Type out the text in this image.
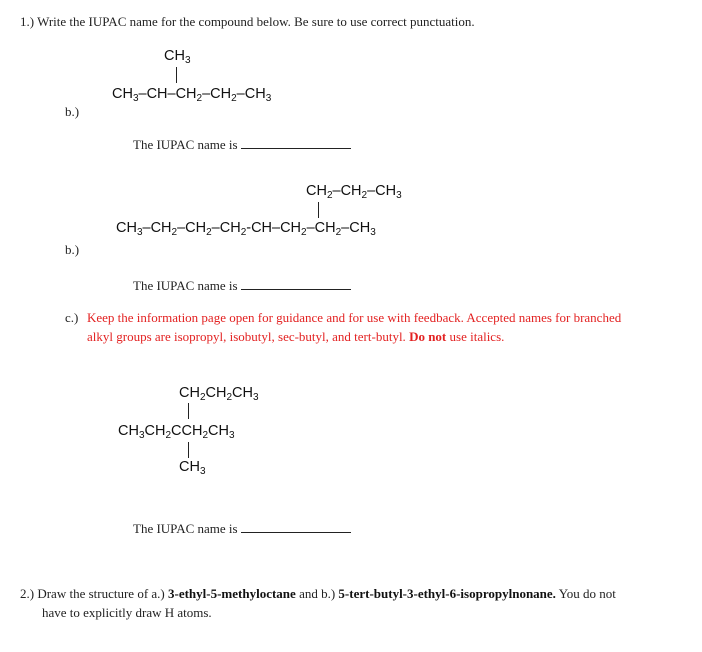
1.) Write the IUPAC name for the compound below. Be sure to use correct punctuation.
$CH_3$
$CH_3-CH-CH_2-CH_2-CH_3$
b.)
The IUPAC name is
$CH_2-CH_2-CH_3$
$CH_3-CH_2-CH_2-CH_2-CH-CH_2-CH_2-CH_3$
b.)
The IUPAC name is
c.) Keep the information page open for guidance and for use with feedback. Accepted names for branched
alkyl groups are isopropyl, isobutyl, sec-butyl, and tert-butyl. Do not use italics.
$CH_2CH_2CH_3$
$CH_3CH_2CCH_2CH_3$
$CH_3$
The IUPAC name is
2.) Draw the structure of a.) 3-ethyl-5-methyloctane and b.) 5-tert-butyl-3-ethyl-6-isopropylnonane. You do not
have to explicitly draw H atoms.
